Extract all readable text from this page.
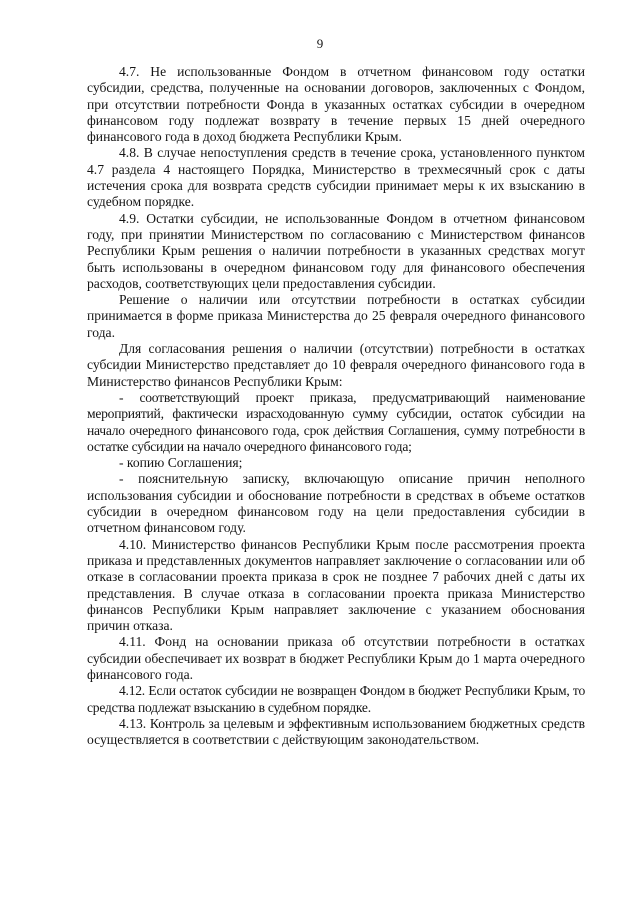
9

4.7. Не использованные Фондом в отчетном финансовом году остатки субсидии, средства, полученные на основании договоров, заключенных с Фондом, при отсутствии потребности Фонда в указанных остатках субсидии в очередном финансовом году подлежат возврату в течение первых 15 дней очередного финансового года в доход бюджета Республики Крым.

4.8. В случае непоступления средств в течение срока, установленного пунктом 4.7 раздела 4 настоящего Порядка, Министерство в трехмесячный срок с даты истечения срока для возврата средств субсидии принимает меры к их взысканию в судебном порядке.

4.9. Остатки субсидии, не использованные Фондом в отчетном финансовом году, при принятии Министерством по согласованию с Министерством финансов Республики Крым решения о наличии потребности в указанных средствах могут быть использованы в очередном финансовом году для финансового обеспечения расходов, соответствующих цели предоставления субсидии.

Решение о наличии или отсутствии потребности в остатках субсидии принимается в форме приказа Министерства до 25 февраля очередного финансового года.

Для согласования решения о наличии (отсутствии) потребности в остатках субсидии Министерство представляет до 10 февраля очередного финансового года в Министерство финансов Республики Крым:

- соответствующий проект приказа, предусматривающий наименование мероприятий, фактически израсходованную сумму субсидии, остаток субсидии на начало очередного финансового года, срок действия Соглашения, сумму потребности в остатке субсидии на начало очередного финансового года;

- копию Соглашения;

- пояснительную записку, включающую описание причин неполного использования субсидии и обоснование потребности в средствах в объеме остатков субсидии в очередном финансовом году на цели предоставления субсидии в отчетном финансовом году.

4.10. Министерство финансов Республики Крым после рассмотрения проекта приказа и представленных документов направляет заключение о согласовании или об отказе в согласовании проекта приказа в срок не позднее 7 рабочих дней с даты их представления. В случае отказа в согласовании проекта приказа Министерство финансов Республики Крым направляет заключение с указанием обоснования причин отказа.

4.11. Фонд на основании приказа об отсутствии потребности в остатках субсидии обеспечивает их возврат в бюджет Республики Крым до 1 марта очередного финансового года.

4.12. Если остаток субсидии не возвращен Фондом в бюджет Республики Крым, то средства подлежат взысканию в судебном порядке.

4.13. Контроль за целевым и эффективным использованием бюджетных средств осуществляется в соответствии с действующим законодательством.
